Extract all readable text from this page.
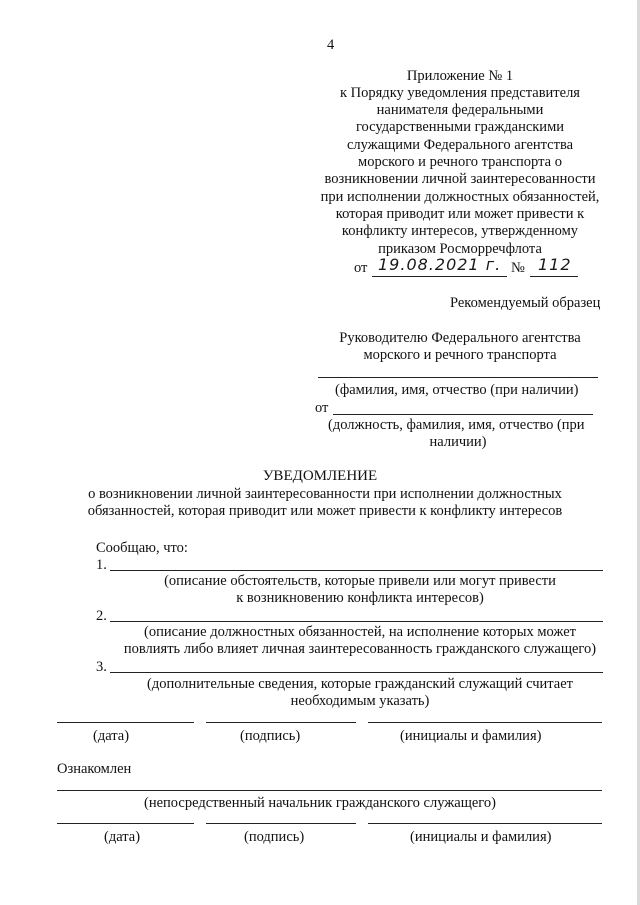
4
Приложение № 1
к Порядку уведомления представителя
нанимателя федеральными
государственными гражданскими
служащими Федерального агентства
морского и речного транспорта о
возникновении личной заинтересованности
при исполнении должностных обязанностей,
которая приводит или может привести к
конфликту интересов, утвержденному
приказом Росморречфлота
от 19.08.2021 г. № 112
Рекомендуемый образец
Руководителю Федерального агентства
морского и речного транспорта
(фамилия, имя, отчество (при наличии)
от
(должность, фамилия, имя, отчество (при
наличии)
УВЕДОМЛЕНИЕ
о возникновении личной заинтересованности при исполнении должностных
обязанностей, которая приводит или может привести к конфликту интересов
Сообщаю, что:
1.
(описание обстоятельств, которые привели или могут привести
к возникновению конфликта интересов)
2.
(описание должностных обязанностей, на исполнение которых может
повлиять либо влияет личная заинтересованность гражданского служащего)
3.
(дополнительные сведения, которые гражданский служащий считает
необходимым указать)
(дата)	(подпись)	(инициалы и фамилия)
Ознакомлен
(непосредственный начальник гражданского служащего)
(дата)	(подпись)	(инициалы и фамилия)
